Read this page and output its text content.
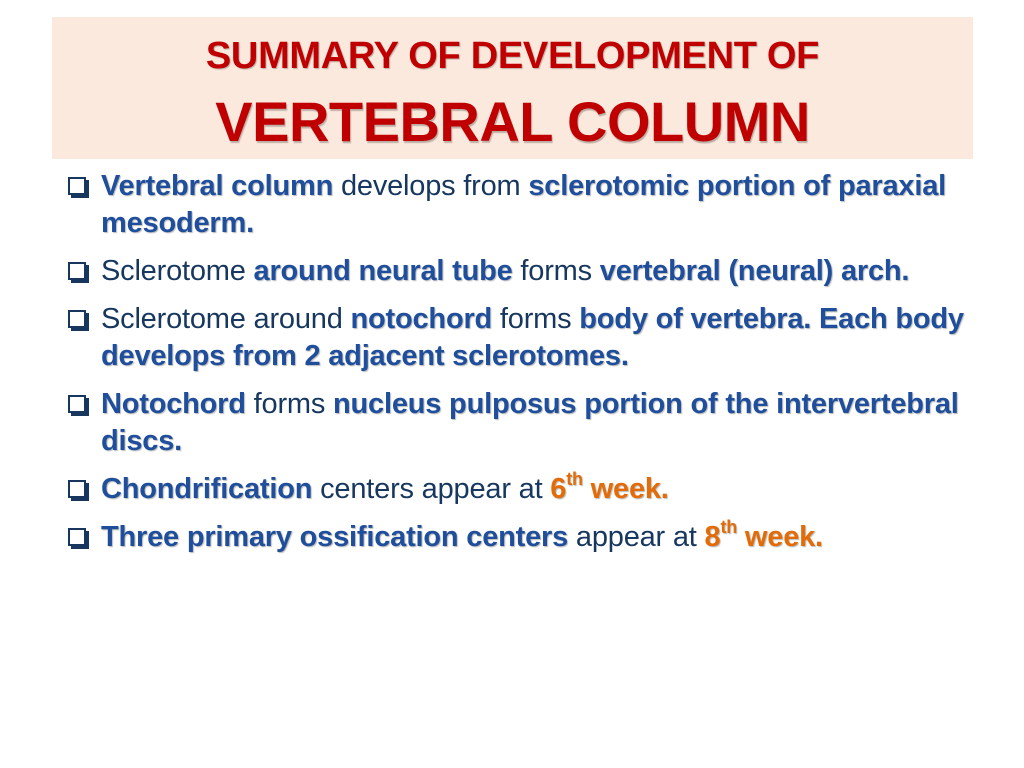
SUMMARY OF DEVELOPMENT OF
VERTEBRAL COLUMN
Vertebral column develops from sclerotomic portion of paraxial mesoderm.
Sclerotome around neural tube forms vertebral (neural) arch.
Sclerotome around notochord forms body of vertebra. Each body develops from 2 adjacent sclerotomes.
Notochord forms nucleus pulposus portion of the intervertebral discs.
Chondrification centers appear at 6th week.
Three primary ossification centers appear at 8th week.
